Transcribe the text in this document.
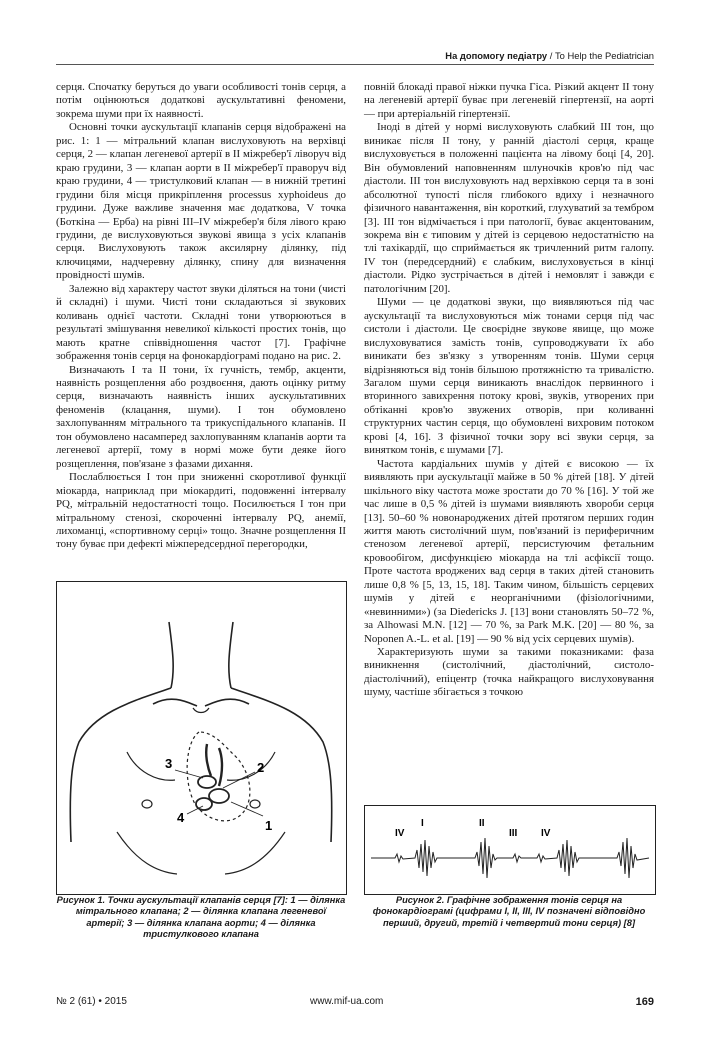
На допомогу педіатру / To Help the Pediatrician

серця. Спочатку беруться до уваги особливості тонів серця, а потім оцінюються додаткові аускультативні феномени, зокрема шуми при їх наявності.

Основні точки аускультації клапанів серця відображені на рис. 1: 1 — мітральний клапан вислуховують на верхівці серця, 2 — клапан легеневої артерії в ІІ міжребер'ї ліворуч від краю грудини, 3 — клапан аорти в ІІ міжребер'ї праворуч від краю грудини, 4 — тристулковий клапан — в нижній третині грудини біля місця прикріплення processus xyphoideus до грудини. Дуже важливе значення має додаткова, V точка (Боткіна — Ерба) на рівні ІІІ–IV міжребер'я біля лівого краю грудини, де вислуховуються звукові явища з усіх клапанів серця. Вислуховують також аксилярну ділянку, під ключицями, надчеревну ділянку, спину для визначення провідності шумів.

Залежно від характеру частот звуки діляться на тони (чисті й складні) і шуми. Чисті тони складаються зі звукових коливань однієї частоти. Складні тони утворюються в результаті змішування невеликої кількості простих тонів, що мають кратне співвідношення частот [7]. Графічне зображення тонів серця на фонокардіограмі подано на рис. 2.

Визначають І та ІІ тони, їх гучність, тембр, акценти, наявність розщеплення або роздвоєння, дають оцінку ритму серця, визначають наявність інших аускультативних феноменів (клацання, шуми). І тон обумовлено захлопуванням мітрального та трикуспідального клапанів. ІІ тон обумовлено насамперед захлопуванням клапанів аорти та легеневої артерії, тому в нормі може бути деяке його розщеплення, пов'язане з фазами дихання.

Послаблюється І тон при зниженні скоротливої функції міокарда, наприклад при міокардиті, подовженні інтервалу PQ, мітральній недостатності тощо. Посилюється І тон при мітральному стенозі, скороченні інтервалу PQ, анемії, лихоманці, «спортивному серці» тощо. Значне розщеплення ІІ тону буває при дефекті міжпередсердної перегородки,

повній блокаді правої ніжки пучка Гіса. Різкий акцент ІІ тону на легеневій артерії буває при легеневій гіпертензії, на аорті — при артеріальній гіпертензії.

Іноді в дітей у нормі вислуховують слабкий ІІІ тон, що виникає після ІІ тону, у ранній діастолі серця, краще вислуховується в положенні пацієнта на лівому боці [4, 20]. Він обумовлений наповненням шлуночків кров'ю під час діастоли. ІІІ тон вислуховують над верхівкою серця та в зоні абсолютної тупості після глибокого вдиху і незначного фізичного навантаження, він короткий, глухуватий за тембром [3]. ІІІ тон відмічається і при патології, буває акцентованим, зокрема він є типовим у дітей із серцевою недостатністю на тлі тахікардії, що сприймається як тричленний ритм галопу. IV тон (передсердний) є слабким, вислуховується в кінці діастоли. Рідко зустрічається в дітей і немовлят і завжди є патологічним [20].

Шуми — це додаткові звуки, що виявляються під час аускультації та вислуховуються між тонами серця під час систоли і діастоли. Це своєрідне звукове явище, що може вислуховуватися замість тонів, супроводжувати їх або виникати без зв'язку з утворенням тонів. Шуми серця відрізняються від тонів більшою протяжністю та тривалістю. Загалом шуми серця виникають внаслідок первинного і вторинного завихрення потоку крові, звуків, утворених при обтіканні кров'ю звужених отворів, при коливанні структурних частин серця, що обумовлені вихровим потоком крові [4, 16]. З фізичної точки зору всі звуки серця, за винятком тонів, є шумами [7].

Частота кардіальних шумів у дітей є високою — їх виявляють при аускультації майже в 50 % дітей [18]. У дітей шкільного віку частота може зростати до 70 % [16]. У той же час лише в 0,5 % дітей із шумами виявляють хвороби серця [13]. 50–60 % новонароджених дітей протягом перших годин життя мають систолічний шум, пов'язаний із периферичним стенозом легеневої артерії, персистуючим фетальним кровообігом, дисфункцією міокарда на тлі асфіксії тощо. Проте частота вроджених вад серця в таких дітей становить лише 0,8 % [5, 13, 15, 18]. Таким чином, більшість серцевих шумів у дітей є неорганічними (фізіологічними, «невинними») (за Diedericks J. [13] вони становлять 50–72 %, за Alhowasi M.N. [12] — 70 %, за Park M.K. [20] — 80 %, за Noponen A.-L. et al. [19] — 90 % від усіх серцевих шумів).

Характеризують шуми за такими показниками: фаза виникнення (систолічний, діастолічний, систоло-діастолічний), епіцентр (точка найкращого вислуховування шуму, частіше збігається з точкою

3	2
4
1
IV
I	II
III IV
Рисунок 1. Точки аускультації клапанів серця [7]: 1 — ділянка мітрального клапана; 2 — ділянка клапана легеневої артерії; 3 — ділянка клапана аорти; 4 — ділянка тристулкового клапана
Рисунок 2. Графічне зображення тонів серця на фонокардіограмі (цифрами I, II, III, IV позначені відповідно перший, другий, третій і четвертий тони серця) [8]
№ 2 (61) • 2015	www.mif-ua.com	169
